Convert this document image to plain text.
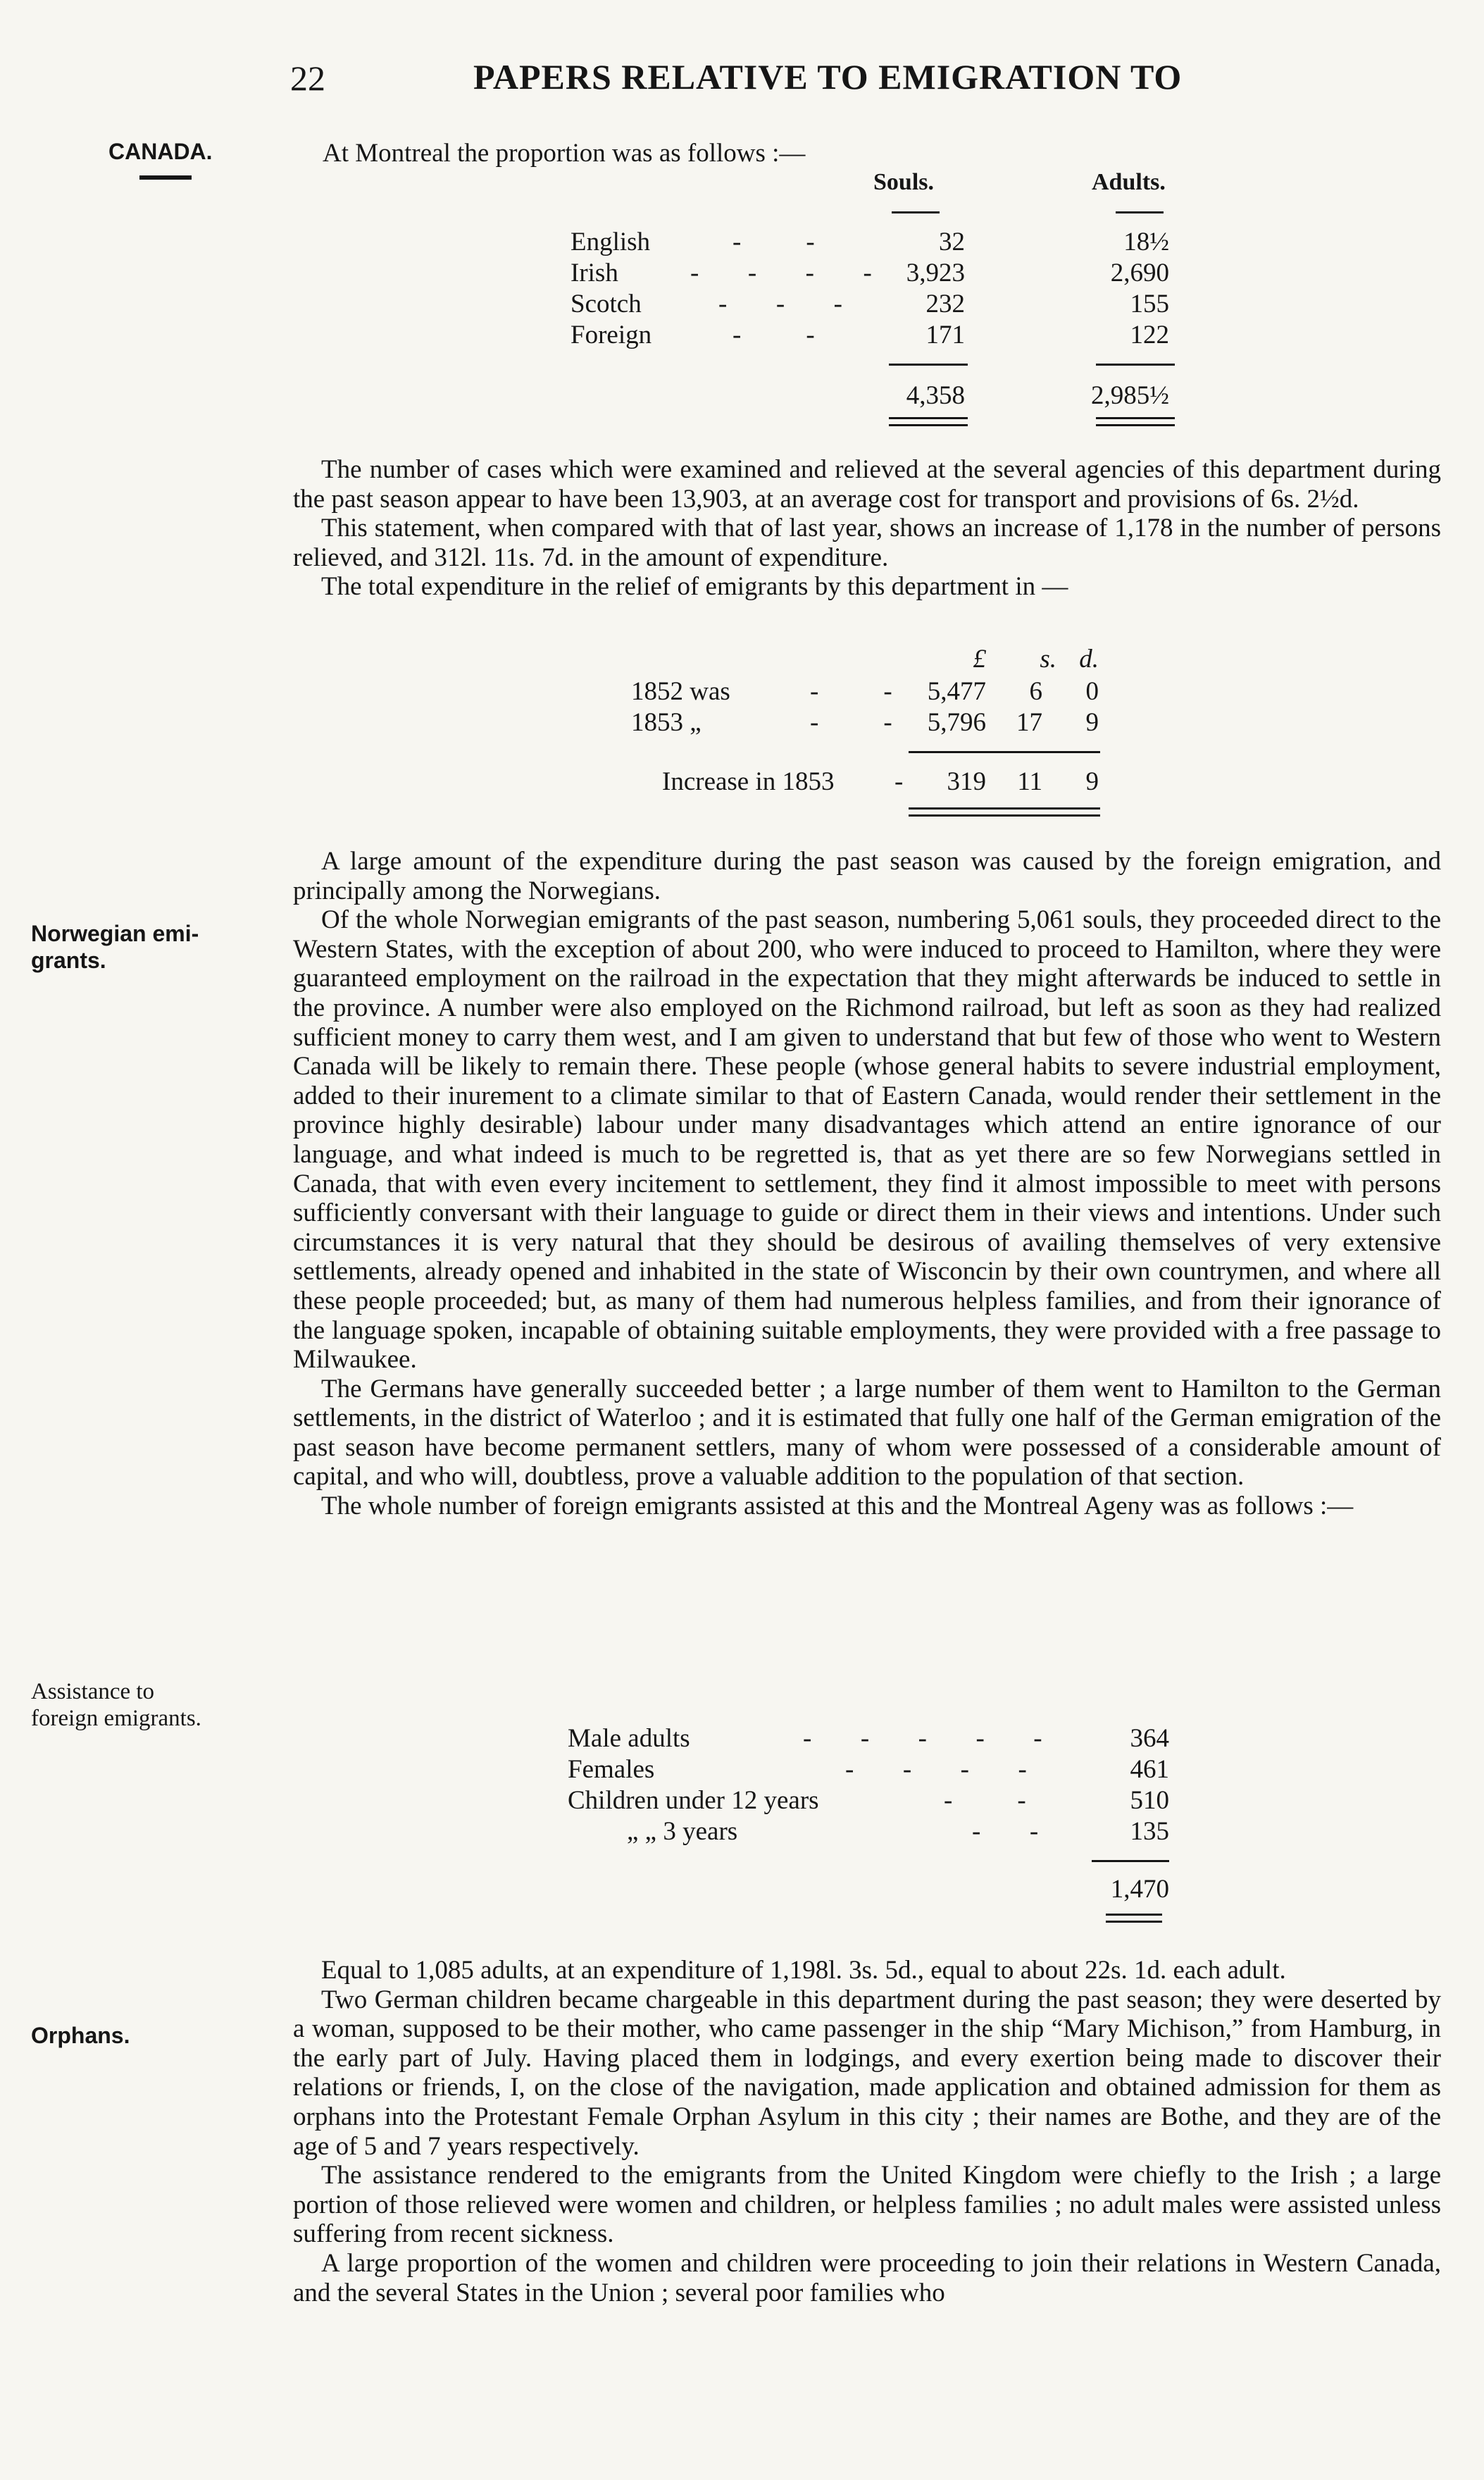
22	PAPERS RELATIVE TO EMIGRATION TO
CANADA.
Norwegian emi-
grants.
Assistance to
foreign emigrants.
Orphans.
At Montreal the proportion was as follows :—
Souls.	Adults.
English	-        -	32	18½
Irish	-      -      -      -	3,923	2,690
Scotch	-      -      -	232	155
Foreign	-        -	171	122
4,358	2,985½

The number of cases which were examined and relieved at the several agencies of this department during the past season appear to have been 13,903, at an average cost for transport and provisions of 6s. 2½d.

This statement, when compared with that of last year, shows an increase of 1,178 in the number of persons relieved, and 312l. 11s. 7d. in the amount of expenditure.

The total expenditure in the relief of emigrants by this department in —

£	s. d.
1852 was	-        -	5,477	6	0
1853 „	-        -	5,796	17	9
Increase in 1853 -	319	11	9

A large amount of the expenditure during the past season was caused by the foreign emigration, and principally among the Norwegians.

Of the whole Norwegian emigrants of the past season, numbering 5,061 souls, they proceeded direct to the Western States, with the exception of about 200, who were induced to proceed to Hamilton, where they were guaranteed employment on the railroad in the expectation that they might afterwards be induced to settle in the province. A number were also employed on the Richmond railroad, but left as soon as they had realized sufficient money to carry them west, and I am given to understand that but few of those who went to Western Canada will be likely to remain there. These people (whose general habits to severe industrial employment, added to their inurement to a climate similar to that of Eastern Canada, would render their settlement in the province highly desirable) labour under many disadvantages which attend an entire ignorance of our language, and what indeed is much to be regretted is, that as yet there are so few Norwegians settled in Canada, that with even every incitement to settlement, they find it almost impossible to meet with persons sufficiently conversant with their language to guide or direct them in their views and intentions. Under such circumstances it is very natural that they should be desirous of availing themselves of very extensive settlements, already opened and inhabited in the state of Wisconcin by their own countrymen, and where all these people proceeded; but, as many of them had numerous helpless families, and from their ignorance of the language spoken, incapable of obtaining suitable employments, they were provided with a free passage to Milwaukee.

The Germans have generally succeeded better ; a large number of them went to Hamilton to the German settlements, in the district of Waterloo ; and it is estimated that fully one half of the German emigration of the past season have become permanent settlers, many of whom were possessed of a considerable amount of capital, and who will, doubtless, prove a valuable addition to the population of that section.

The whole number of foreign emigrants assisted at this and the Montreal Ageny was as follows :—

Male adults	-      -      -      -      -	364
Females	-      -      -      -	461
Children under 12 years	-        -	510
„ „ 3 years	-      -	135
1,470

Equal to 1,085 adults, at an expenditure of 1,198l. 3s. 5d., equal to about 22s. 1d. each adult.

Two German children became chargeable in this department during the past season; they were deserted by a woman, supposed to be their mother, who came passenger in the ship “Mary Michison,” from Hamburg, in the early part of July. Having placed them in lodgings, and every exertion being made to discover their relations or friends, I, on the close of the navigation, made application and obtained admission for them as orphans into the Protestant Female Orphan Asylum in this city ; their names are Bothe, and they are of the age of 5 and 7 years respectively.

The assistance rendered to the emigrants from the United Kingdom were chiefly to the Irish ; a large portion of those relieved were women and children, or helpless families ; no adult males were assisted unless suffering from recent sickness.

A large proportion of the women and children were proceeding to join their relations in Western Canada, and the several States in the Union ; several poor families who
